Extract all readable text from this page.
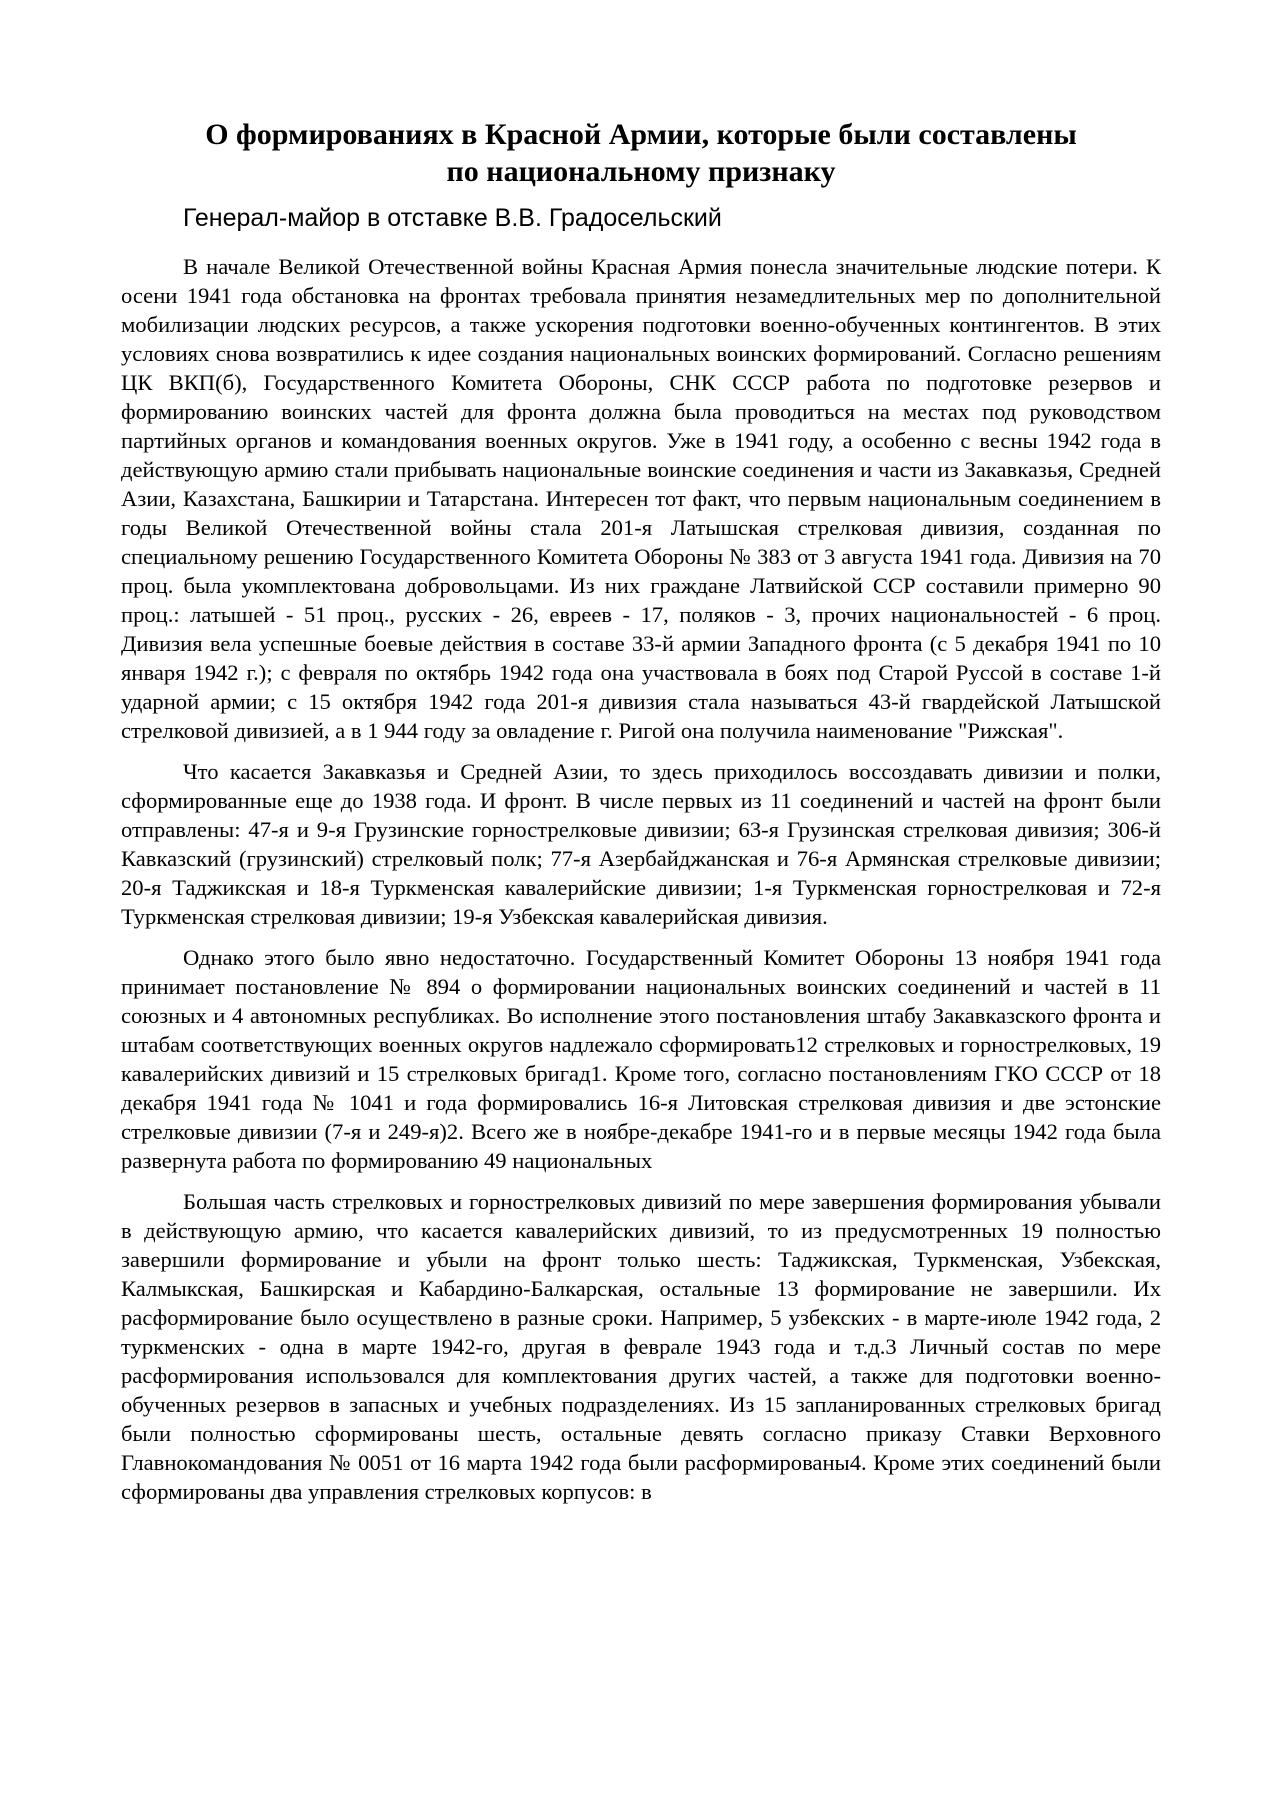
О формированиях в Красной Армии, которые были составлены
по национальному признаку
Генерал-майор в отставке В.В. Градосельский

В начале Великой Отечественной войны Красная Армия понесла значительные людские потери. К осени 1941 года обстановка на фронтах требовала принятия незамедлительных мер по дополнительной мобилизации людских ресурсов, а также ускорения подготовки военно-обученных контингентов. В этих условиях снова возвратились к идее создания национальных воинских формирований. Согласно решениям ЦК ВКП(б), Государственного Комитета Обороны, СНК СССР работа по подготовке резервов и формированию воинских частей для фронта должна была проводиться на местах под руководством партийных органов и командования военных округов. Уже в 1941 году, а особенно с весны 1942 года в действующую армию стали прибывать национальные воинские соединения и части из Закавказья, Средней Азии, Казахстана, Башкирии и Татарстана. Интересен тот факт, что первым национальным соединением в годы Великой Отечественной войны стала 201-я Латышская стрелковая дивизия, созданная по специальному решению Государственного Комитета Обороны № 383 от 3 августа 1941 года. Дивизия на 70 проц. была укомплектована добровольцами. Из них граждане Латвийской ССР составили примерно 90 проц.: латышей - 51 проц., русских - 26, евреев - 17, поляков - 3, прочих национальностей - 6 проц. Дивизия вела успешные боевые действия в составе 33-й армии Западного фронта (с 5 декабря 1941 по 10 января 1942 г.); с февраля по октябрь 1942 года она участвовала в боях под Старой Руссой в составе 1-й ударной армии; с 15 октября 1942 года 201-я дивизия стала называться 43-й гвардейской Латышской стрелковой дивизией, а в 1 944 году за овладение г. Ригой она получила наименование "Рижская".

Что касается Закавказья и Средней Азии, то здесь приходилось воссоздавать дивизии и полки, сформированные еще до 1938 года. И фронт. В числе первых из 11 соединений и частей на фронт были отправлены: 47-я и 9-я Грузинские горнострелковые дивизии; 63-я Грузинская стрелковая дивизия; 306-й Кавказский (грузинский) стрелковый полк; 77-я Азербайджанская и 76-я Армянская стрелковые дивизии; 20-я Таджикская и 18-я Туркменская кавалерийские дивизии; 1-я Туркменская горнострелковая и 72-я Туркменская стрелковая дивизии; 19-я Узбекская кавалерийская дивизия.

Однако этого было явно недостаточно. Государственный Комитет Обороны 13 ноября 1941 года принимает постановление № 894 о формировании национальных воинских соединений и частей в 11 союзных и 4 автономных республиках. Во исполнение этого постановления штабу Закавказского фронта и штабам соответствующих военных округов надлежало сформировать12 стрелковых и горнострелковых, 19 кавалерийских дивизий и 15 стрелковых бригад1. Кроме того, согласно постановлениям ГКО СССР от 18 декабря 1941 года № 1041 и года формировались 16-я Литовская стрелковая дивизия и две эстонские стрелковые дивизии (7-я и 249-я)2. Всего же в ноябре-декабре 1941-го и в первые месяцы 1942 года была развернута работа по формированию 49 национальных

Большая часть стрелковых и горнострелковых дивизий по мере завершения формирования убывали в действующую армию, что касается кавалерийских дивизий, то из предусмотренных 19 полностью завершили формирование и убыли на фронт только шесть: Таджикская, Туркменская, Узбекская, Калмыкская, Башкирская и Кабардино-Балкарская, остальные 13 формирование не завершили. Их расформирование было осуществлено в разные сроки. Например, 5 узбекских - в марте-июле 1942 года, 2 туркменских - одна в марте 1942-го, другая в феврале 1943 года и т.д.3 Личный состав по мере расформирования использовался для комплектования других частей, а также для подготовки военно-обученных резервов в запасных и учебных подразделениях. Из 15 запланированных стрелковых бригад были полностью сформированы шесть, остальные девять согласно приказу Ставки Верховного Главнокомандования № 0051 от 16 марта 1942 года были расформированы4. Кроме этих соединений были сформированы два управления стрелковых корпусов: в
